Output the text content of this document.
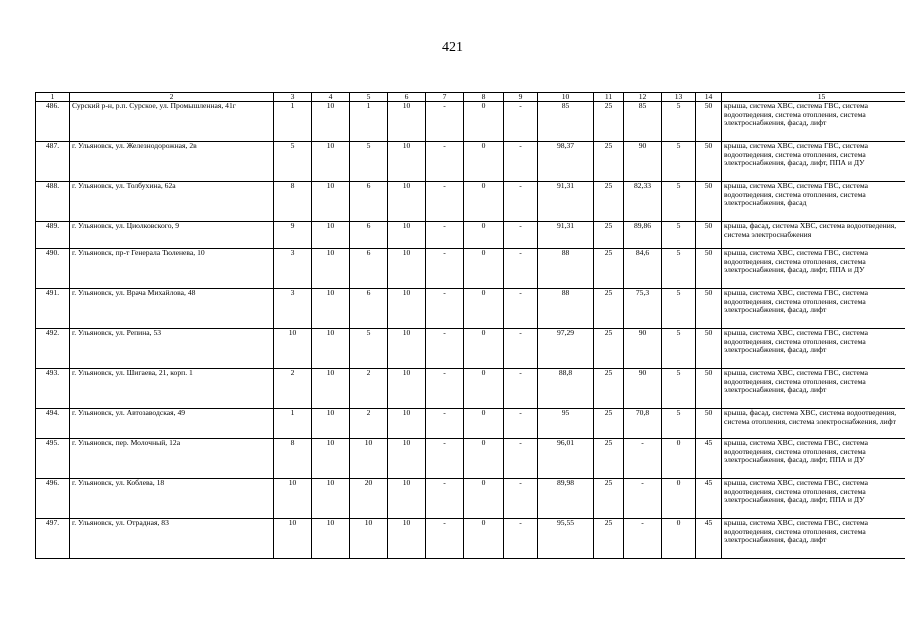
421
1	2	3	4	5	6	7	8	9	10	11	12	13	14	15
486.	Сурский р-н, р.п. Сурское, ул. Промышленная, 41г	1	10	1	10	-	0	-	85	25	85	5	50	крыша, система ХВС, система ГВС, система водоотведения, система отопления, система электроснабжения, фасад, лифт
487.	г. Ульяновск, ул. Железнодорожная, 2в	5	10	5	10	-	0	-	98,37	25	90	5	50	крыша, система ХВС, система ГВС, система водоотведения, система отопления, система электроснабжения, фасад, лифт, ППА и ДУ
488.	г. Ульяновск, ул. Толбухина, 62а	8	10	6	10	-	0	-	91,31	25	82,33	5	50	крыша, система ХВС, система ГВС, система водоотведения, система отопления, система электроснабжения, фасад
489.	г. Ульяновск, ул. Циолковского, 9	9	10	6	10	-	0	-	91,31	25	89,86	5	50	крыша, фасад, система ХВС, система водоотведения, система электроснабжения
490.	г. Ульяновск, пр-т Генерала Тюленева, 10	3	10	6	10	-	0	-	88	25	84,6	5	50	крыша, система ХВС, система ГВС, система водоотведения, система отопления, система электроснабжения, фасад, лифт, ППА и ДУ
491.	г. Ульяновск, ул. Врача Михайлова, 48	3	10	6	10	-	0	-	88	25	75,3	5	50	крыша, система ХВС, система ГВС, система водоотведения, система отопления, система электроснабжения, фасад, лифт
492.	г. Ульяновск, ул. Репина, 53	10	10	5	10	-	0	-	97,29	25	90	5	50	крыша, система ХВС, система ГВС, система водоотведения, система отопления, система электроснабжения, фасад, лифт
493.	г. Ульяновск, ул. Шигаева, 21, корп. 1	2	10	2	10	-	0	-	88,8	25	90	5	50	крыша, система ХВС, система ГВС, система водоотведения, система отопления, система электроснабжения, фасад, лифт
494.	г. Ульяновск, ул. Автозаводская, 49	1	10	2	10	-	0	-	95	25	70,8	5	50	крыша, фасад, система ХВС, система водоотведения, система отопления, система электроснабжения, лифт
495.	г. Ульяновск, пер. Молочный, 12а	8	10	10	10	-	0	-	96,01	25	-	0	45	крыша, система ХВС, система ГВС, система водоотведения, система отопления, система электроснабжения, фасад, лифт, ППА и ДУ
496.	г. Ульяновск, ул. Коблева, 18	10	10	20	10	-	0	-	89,98	25	-	0	45	крыша, система ХВС, система ГВС, система водоотведения, система отопления, система электроснабжения, фасад, лифт, ППА и ДУ
497.	г. Ульяновск, ул. Отрадная, 83	10	10	10	10	-	0	-	95,55	25	-	0	45	крыша, система ХВС, система ГВС, система водоотведения, система отопления, система электроснабжения, фасад, лифт
